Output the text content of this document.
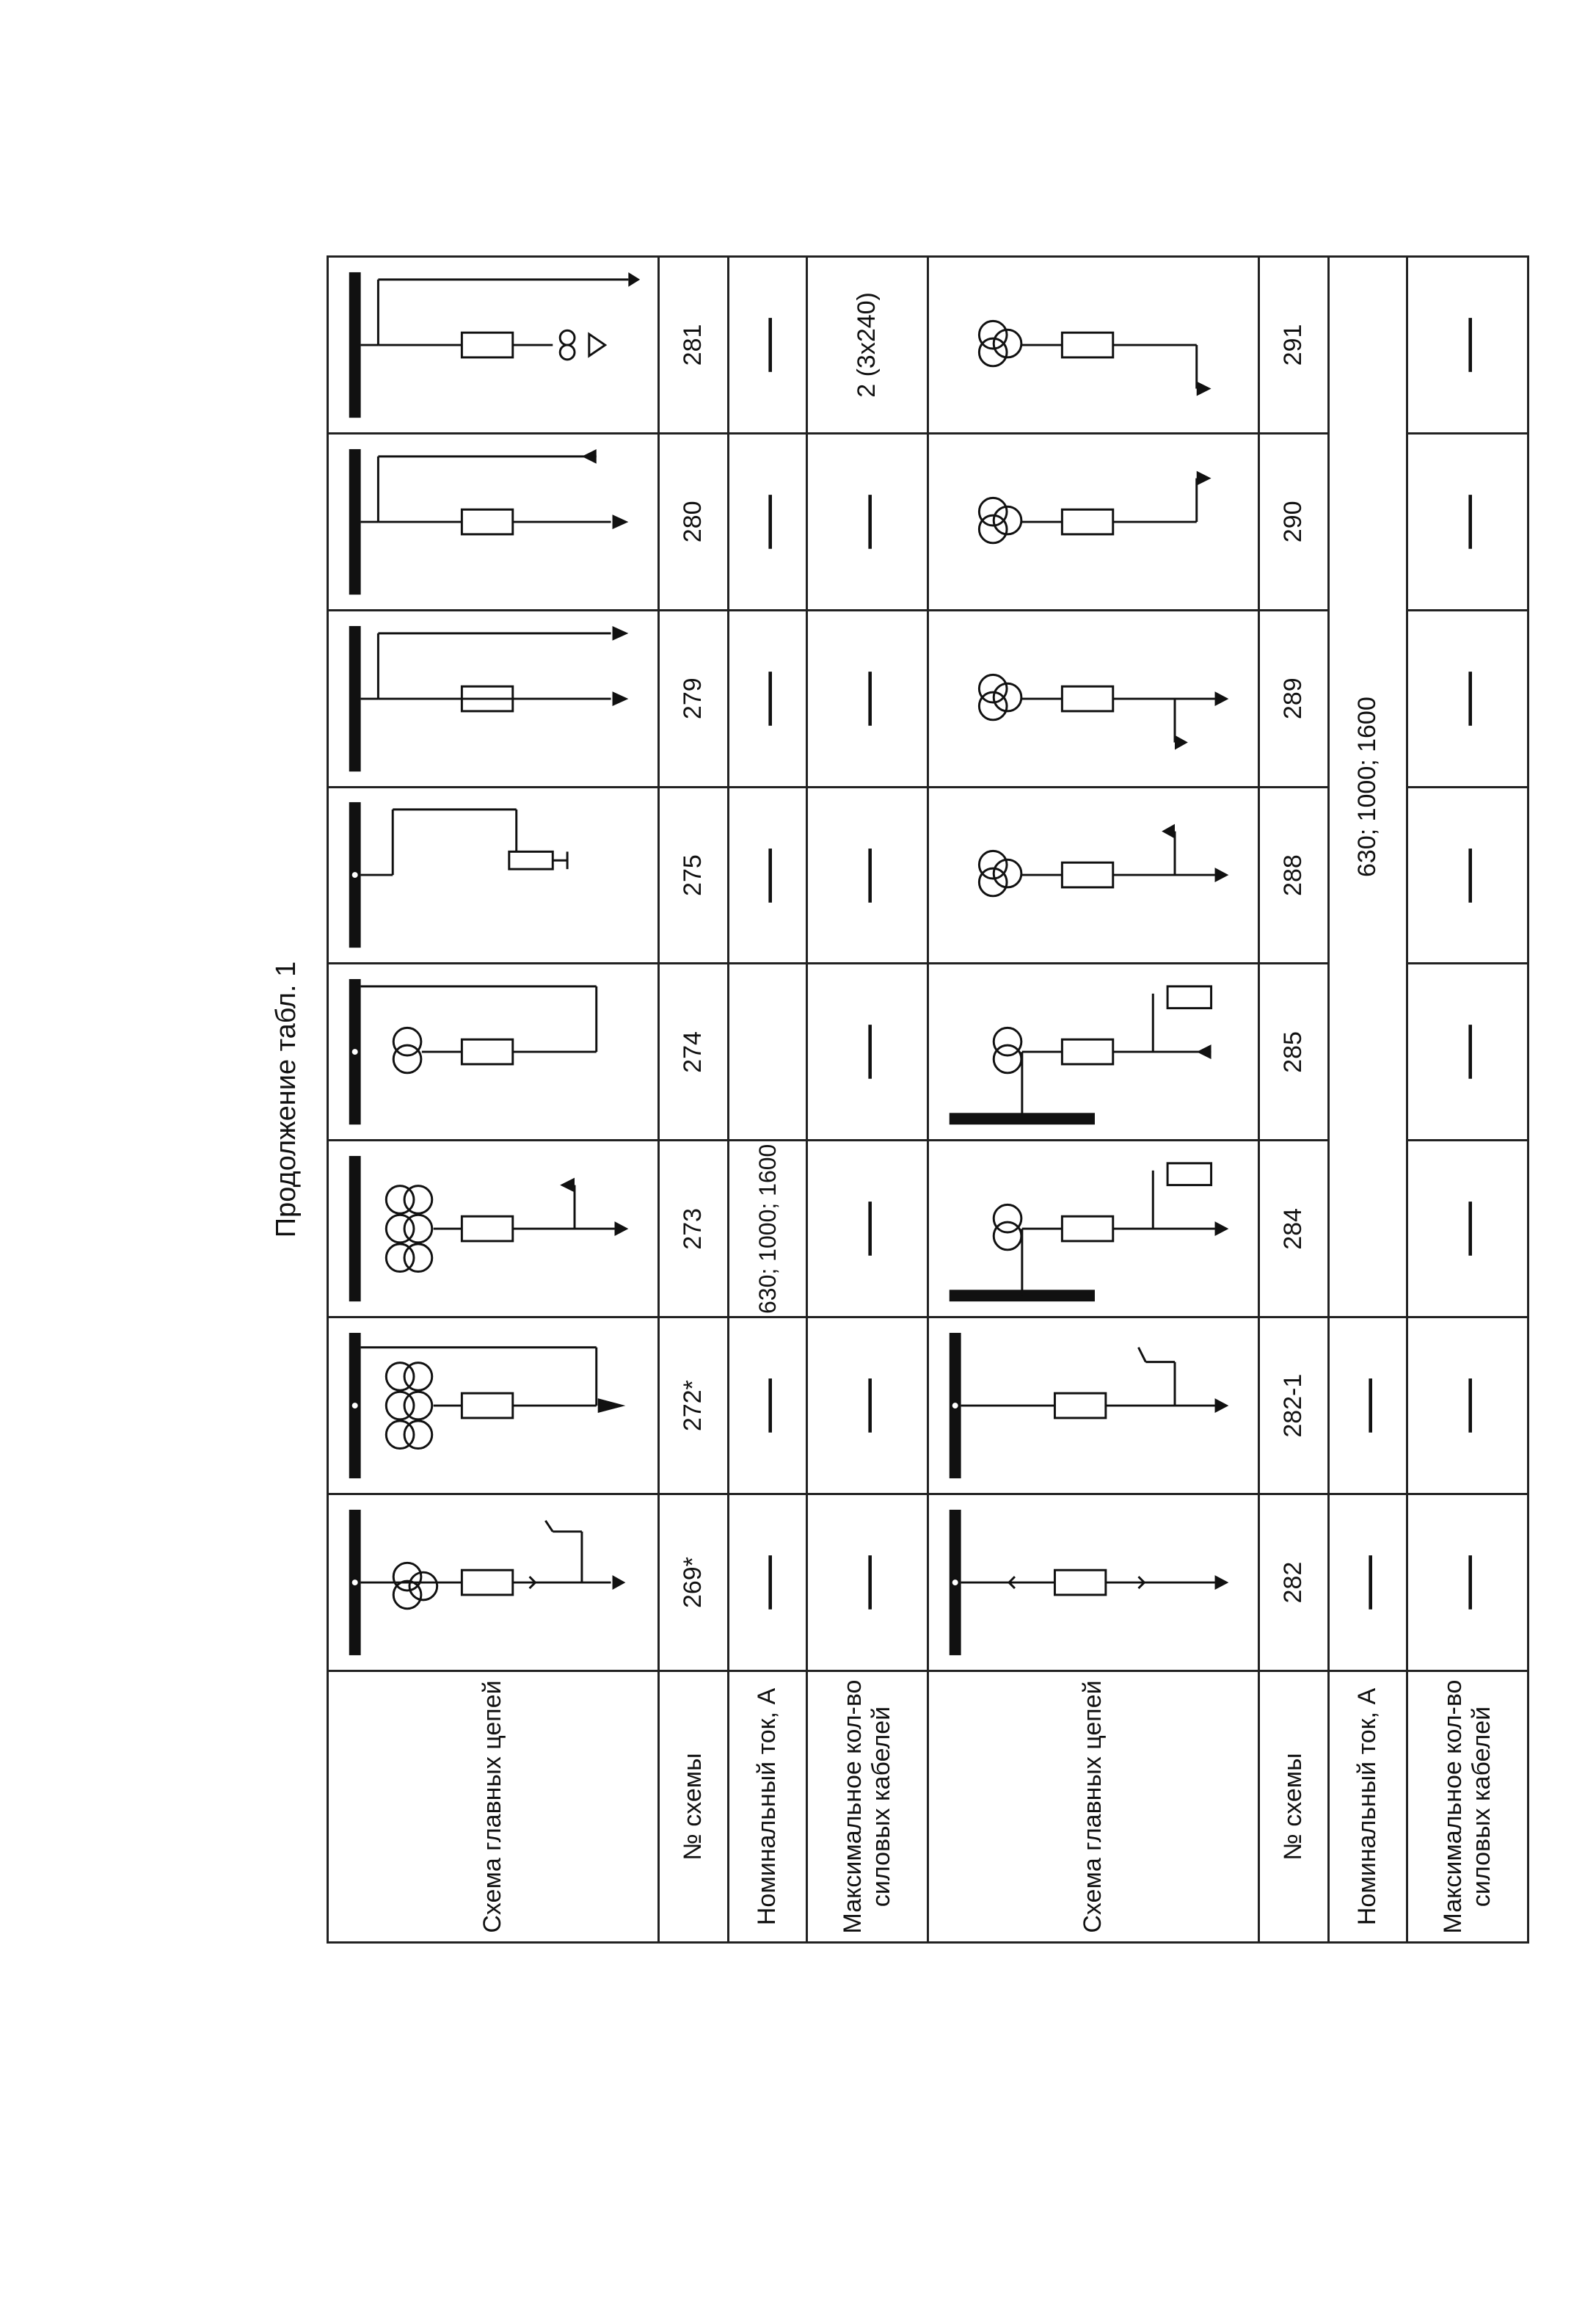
Продолжение табл. 1
Схема главных цепей	

№ схемы	269*	272*	273	274	275	279	280	281
Номинальный ток, А	—	—	630; 1000; 1600		—	—	—	—
Максимальное кол-во силовых кабелей	—	—	—	—	—	—	—	2 (3х240)
Схема главных цепей	

№ схемы	282	282-1	284	285	288	289	290	291
Номинальный ток, А	—	—	630; 1000; 1600					
Максимальное кол-во силовых кабелей	—	—	—	—	—	—	—	—
